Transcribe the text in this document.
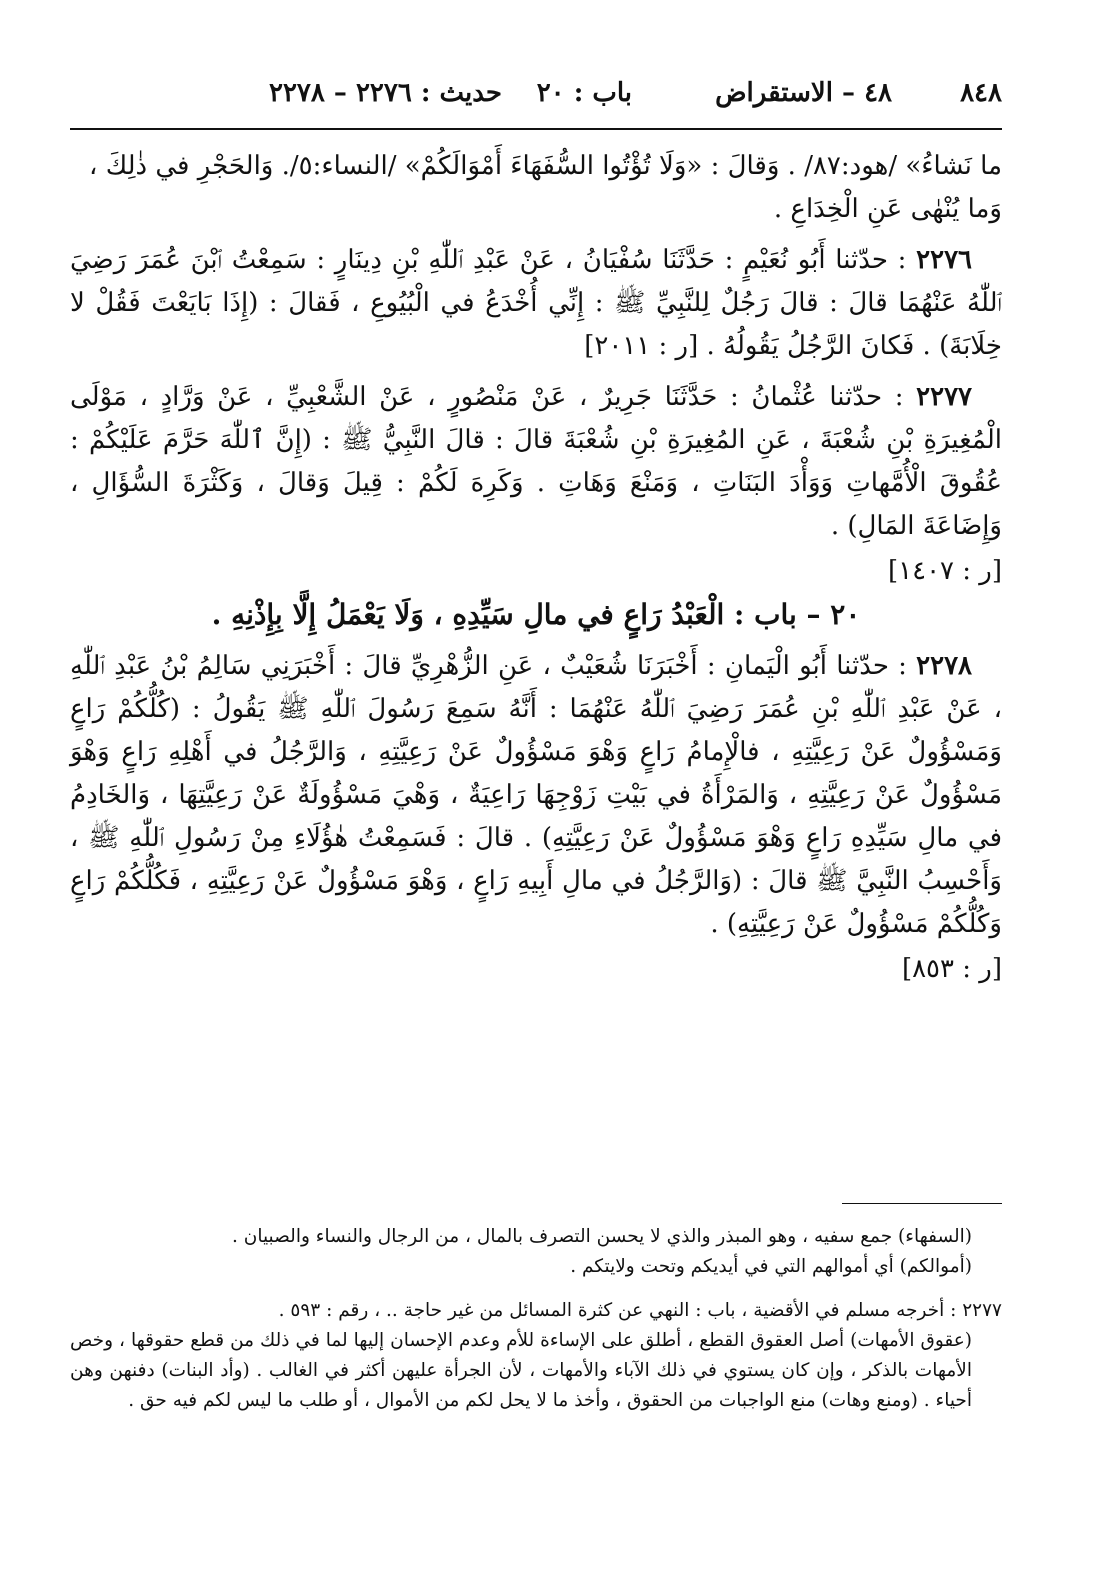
٨٤٨
٤٨ – الاستقراض
باب : ٢٠
حديث : ٢٢٧٦ – ٢٢٧٨

ما نَشاءُ» /هود:٨٧/ . وَقالَ : «وَلَا تُؤْتُوا السُّفَهَاءَ أَمْوَالَكُمْ» /النساء:٥/. وَالحَجْرِ في ذٰلِكَ ،

وَما يُنْهٰى عَنِ الْخِدَاعِ .

٢٢٧٦ : حدّثنا أَبُو نُعَيْمٍ : حَدَّثَنَا سُفْيَانُ ، عَنْ عَبْدِ ٱللّٰهِ بْنِ دِينَارٍ : سَمِعْتُ ٱبْنَ عُمَرَ رَضِيَ ٱللّٰهُ عَنْهُمَا قالَ : قالَ رَجُلٌ لِلنَّبِيِّ ﷺ : إِنِّي أُخْدَعُ في الْبُيُوعِ ، فَقالَ : (إِذَا بَايَعْتَ فَقُلْ لا خِلَابَةَ) . فَكانَ الرَّجُلُ يَقُولُهُ . [ر : ٢٠١١]

٢٢٧٧ : حدّثنا عُثْمانُ : حَدَّثَنَا جَرِيرٌ ، عَنْ مَنْصُورٍ ، عَنْ الشَّعْبِيِّ ، عَنْ وَرَّادٍ ، مَوْلَى الْمُغِيرَةِ بْنِ شُعْبَةَ ، عَنِ المُغِيرَةِ بْنِ شُعْبَةَ قالَ : قالَ النَّبِيُّ ﷺ : (إِنَّ ٱللّٰهَ حَرَّمَ عَلَيْكُمْ : عُقُوقَ الْأُمَّهاتِ وَوَأْدَ البَنَاتِ ، وَمَنْعَ وَهَاتِ . وَكَرِهَ لَكُمْ : قِيلَ وَقالَ ، وَكَثْرَةَ السُّؤَالِ ، وَإِضَاعَةَ المَالِ) .

[ر : ١٤٠٧]

٢٠ – باب : الْعَبْدُ رَاعٍ في مالِ سَيِّدِهِ ، وَلَا يَعْمَلُ إِلَّا بِإِذْنِهِ .

٢٢٧٨ : حدّثنا أَبُو الْيَمانِ : أَخْبَرَنَا شُعَيْبٌ ، عَنِ الزُّهْرِيِّ قالَ : أَخْبَرَنِي سَالِمُ بْنُ عَبْدِ ٱللّٰهِ ، عَنْ عَبْدِ ٱللّٰهِ بْنِ عُمَرَ رَضِيَ ٱللّٰهُ عَنْهُمَا : أَنَّهُ سَمِعَ رَسُولَ ٱللّٰهِ ﷺ يَقُولُ : (كُلُّكُمْ رَاعٍ وَمَسْؤُولٌ عَنْ رَعِيَّتِهِ ، فالْإِمامُ رَاعٍ وَهْوَ مَسْؤُولٌ عَنْ رَعِيَّتِهِ ، وَالرَّجُلُ في أَهْلِهِ رَاعٍ وَهْوَ مَسْؤُولٌ عَنْ رَعِيَّتِهِ ، وَالمَرْأَةُ في بَيْتِ زَوْجِهَا رَاعِيَةٌ ، وَهْيَ مَسْؤُولَةٌ عَنْ رَعِيَّتِهَا ، وَالخَادِمُ في مالِ سَيِّدِهِ رَاعٍ وَهْوَ مَسْؤُولٌ عَنْ رَعِيَّتِهِ) . قالَ : فَسَمِعْتُ هٰؤُلَاءِ مِنْ رَسُولِ ٱللّٰهِ ﷺ ، وَأَحْسِبُ النَّبِيَّ ﷺ قالَ : (وَالرَّجُلُ في مالِ أَبِيهِ رَاعٍ ، وَهْوَ مَسْؤُولٌ عَنْ رَعِيَّتِهِ ، فَكُلُّكُمْ رَاعٍ وَكُلُّكُمْ مَسْؤُولٌ عَنْ رَعِيَّتِهِ) .

[ر : ٨٥٣]

(السفهاء) جمع سفيه ، وهو المبذر والذي لا يحسن التصرف بالمال ، من الرجال والنساء والصبيان .

(أموالكم) أي أموالهم التي في أيديكم وتحت ولايتكم .

٢٢٧٧ : أخرجه مسلم في الأقضية ، باب : النهي عن كثرة المسائل من غير حاجة .. ، رقم : ٥٩٣ .

(عقوق الأمهات) أصل العقوق القطع ، أطلق على الإساءة للأم وعدم الإحسان إليها لما في ذلك من قطع حقوقها ، وخص الأمهات بالذكر ، وإن كان يستوي في ذلك الآباء والأمهات ، لأن الجرأة عليهن أكثر في الغالب . (وأد البنات) دفنهن وهن أحياء . (ومنع وهات) منع الواجبات من الحقوق ، وأخذ ما لا يحل لكم من الأموال ، أو طلب ما ليس لكم فيه حق .
